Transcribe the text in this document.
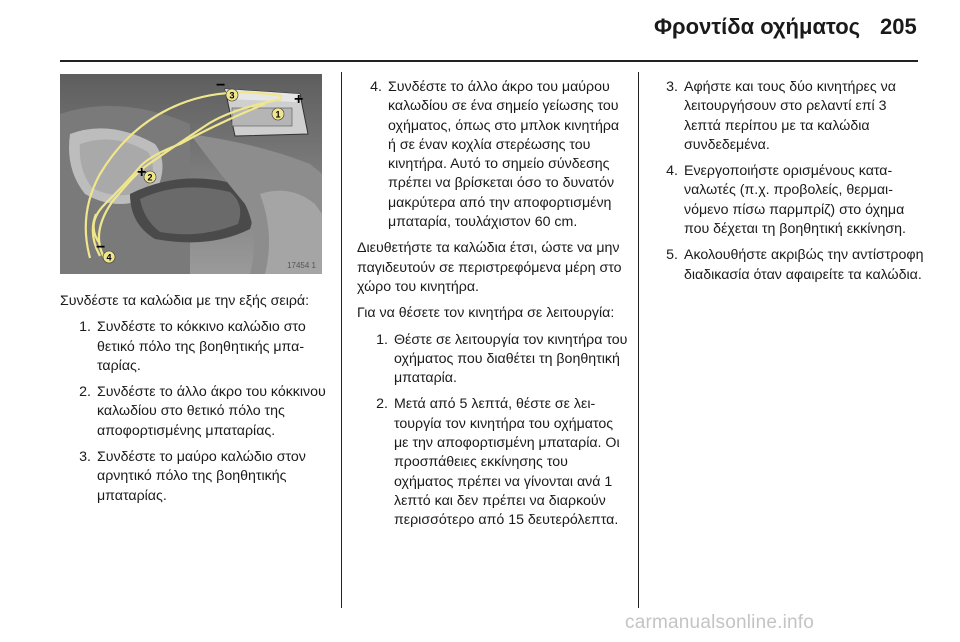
Φροντίδα οχήματος 205
1
2
3
4
+
+
−
−
17454 1

Συνδέστε τα καλώδια με την εξής σειρά:

1. Συνδέστε το κόκκινο καλώδιο στο θετικό πόλο της βοηθητικής μπαταρίας.
2. Συνδέστε το άλλο άκρο του κόκκινου καλωδίου στο θετικό πόλο της αποφορτισμένης μπαταρίας.
3. Συνδέστε το μαύρο καλώδιο στον αρνητικό πόλο της βοηθητικής μπαταρίας.
4. Συνδέστε το άλλο άκρο του μαύρου καλωδίου σε ένα σημείο γείωσης του οχήματος, όπως στο μπλοκ κινητήρα ή σε έναν κοχλία στερέωσης του κινητήρα. Αυτό το σημείο σύνδεσης πρέπει να βρίσκεται όσο το δυνατόν μακρύτερα από την αποφορτισμένη μπαταρία, τουλάχιστον 60 cm.

Διευθετήστε τα καλώδια έτσι, ώστε να μην παγιδευτούν σε περιστρεφόμενα μέρη στο χώρο του κινητήρα.

Για να θέσετε τον κινητήρα σε λειτουργία:

1. Θέστε σε λειτουργία τον κινητήρα του οχήματος που διαθέτει τη βοηθητική μπαταρία.
2. Μετά από 5 λεπτά, θέστε σε λειτουργία τον κινητήρα του οχήματος με την αποφορτισμένη μπαταρία. Οι προσπάθειες εκκίνησης του οχήματος πρέπει να γίνονται ανά 1 λεπτό και δεν πρέπει να διαρκούν περισσότερο από 15 δευτερόλεπτα.
3. Αφήστε και τους δύο κινητήρες να λειτουργήσουν στο ρελαντί επί 3 λεπτά περίπου με τα καλώδια συνδεδεμένα.
4. Ενεργοποιήστε ορισμένους καταναλωτές (π.χ. προβολείς, θερμαινόμενο πίσω παρμπρίζ) στο όχημα που δέχεται τη βοηθητική εκκίνηση.
5. Ακολουθήστε ακριβώς την αντίστροφη διαδικασία όταν αφαιρείτε τα καλώδια.
carmanualsonline.info
